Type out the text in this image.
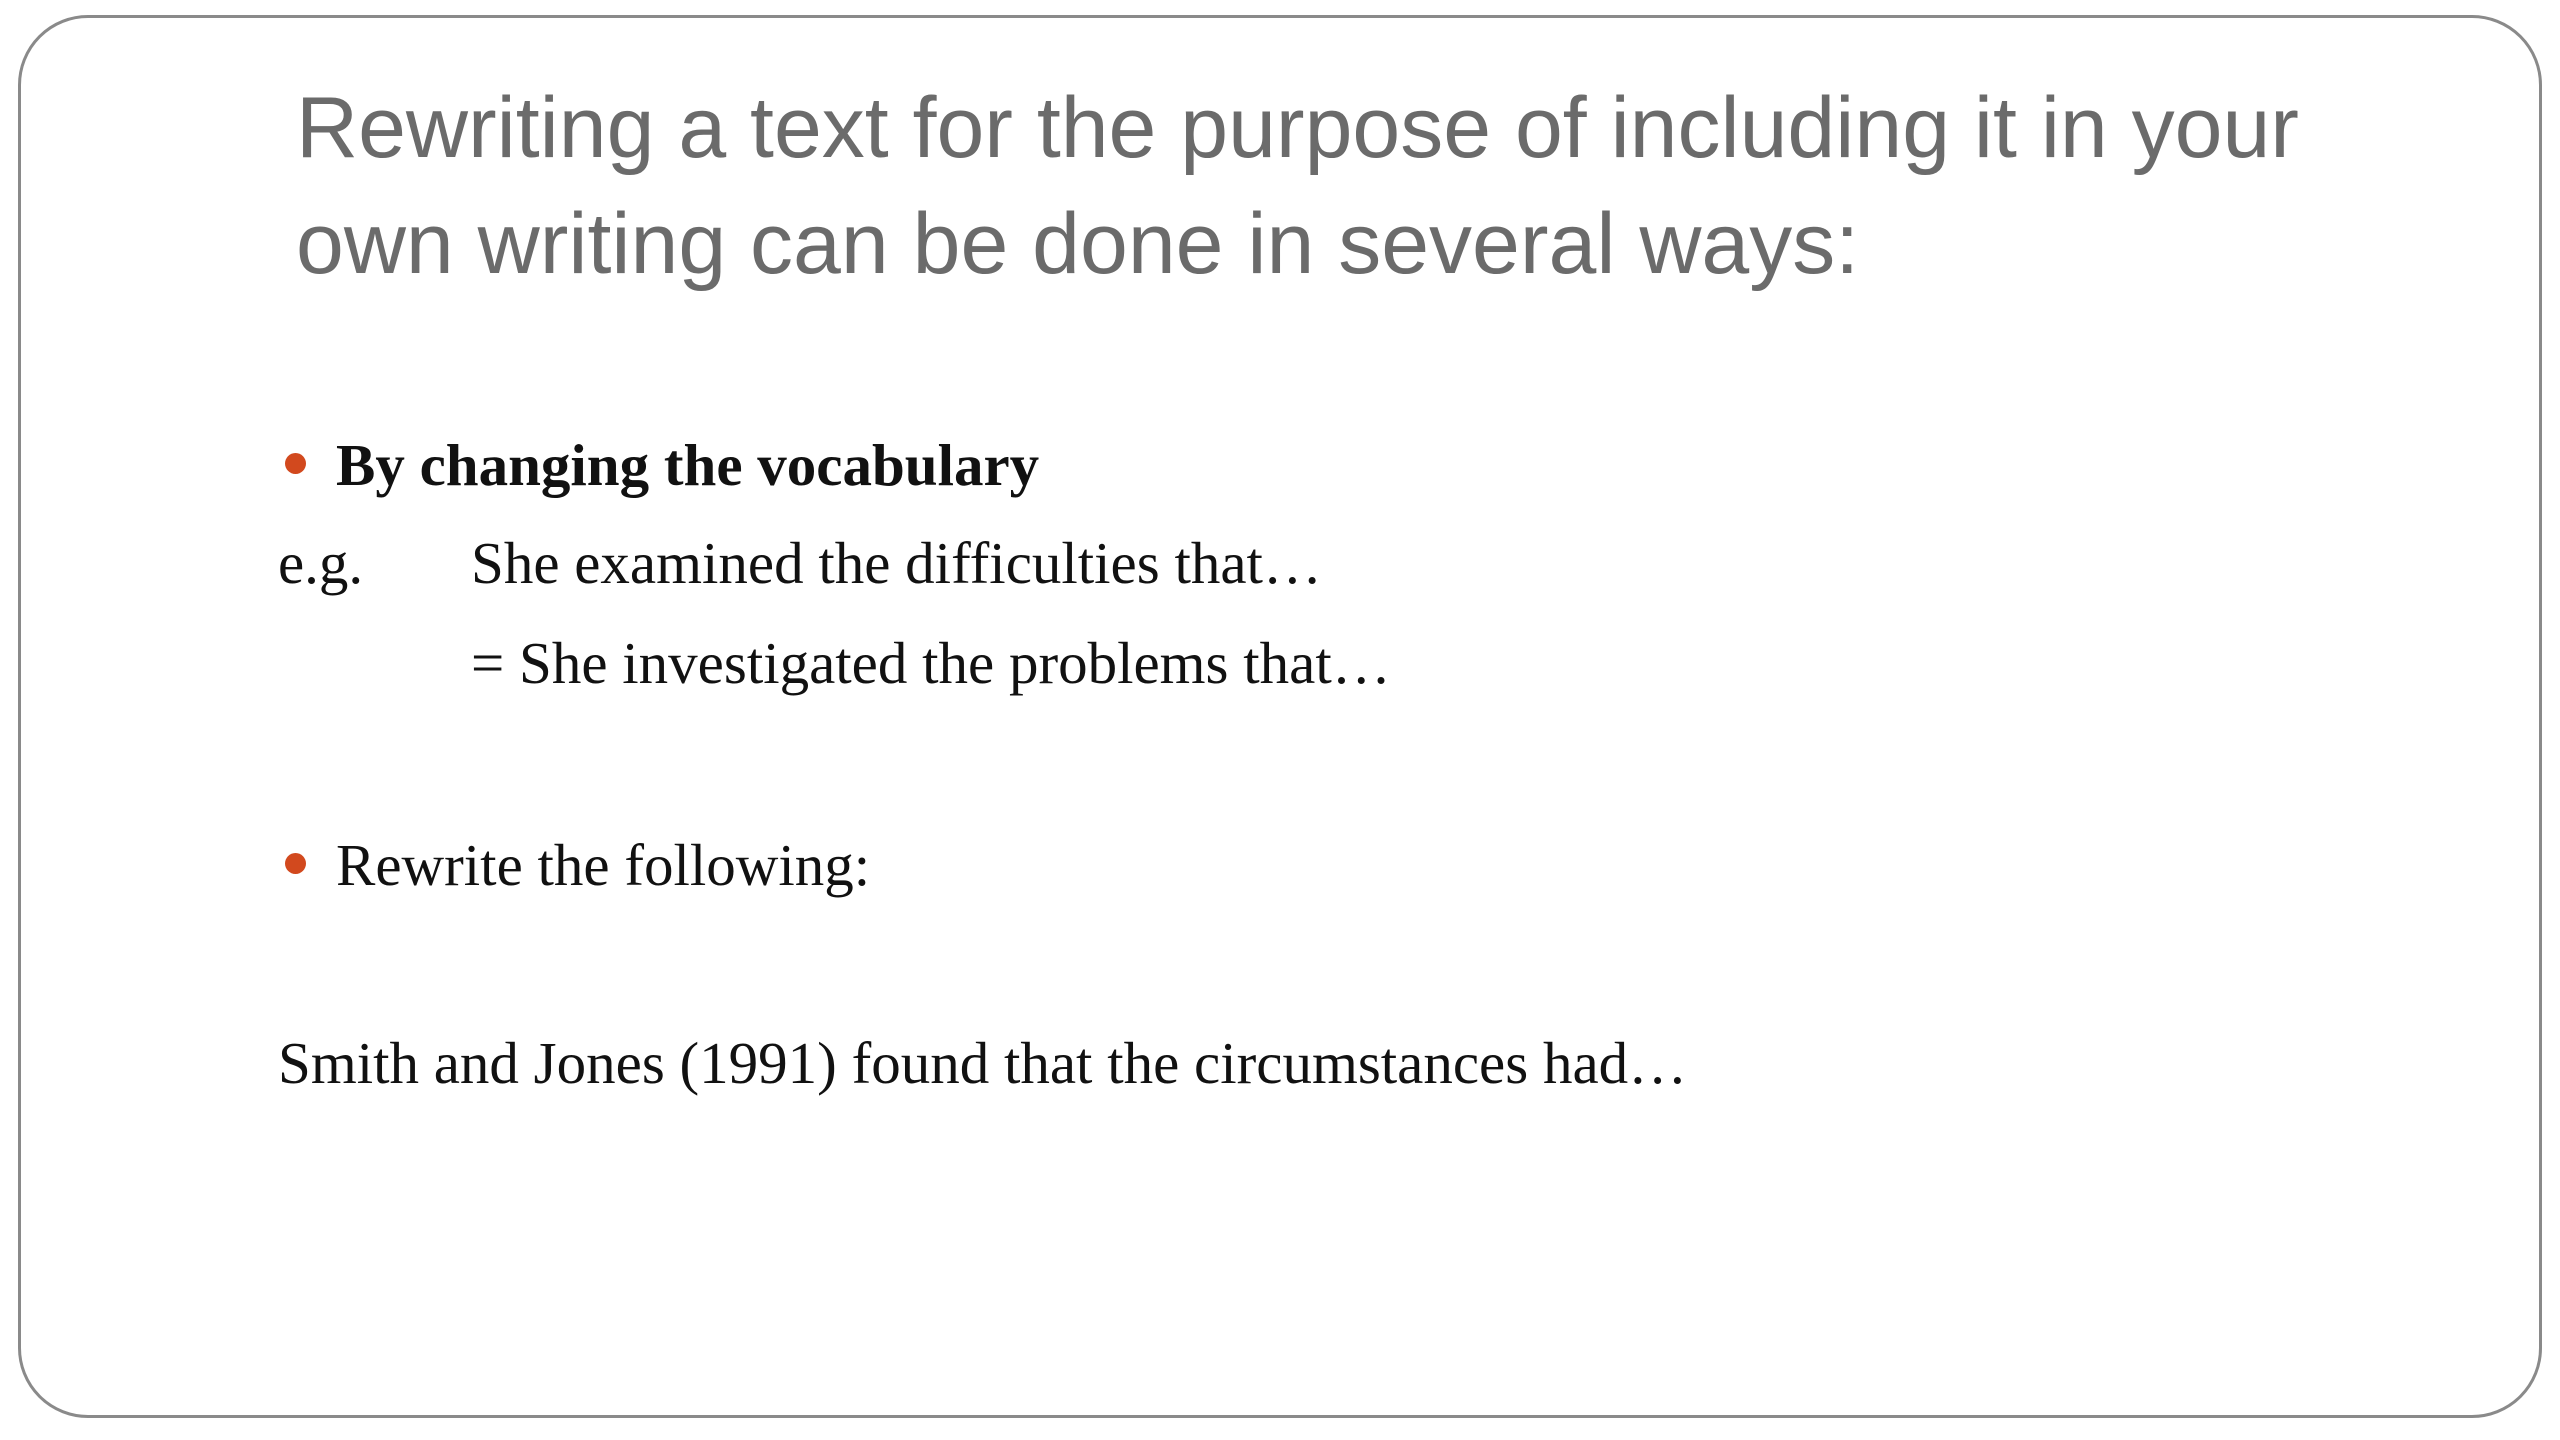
Rewriting a text for the purpose of including it in your own writing can be done in several ways:
By changing the vocabulary
e.g. She examined the difficulties that…
= She investigated the problems that…
Rewrite the following:
Smith and Jones (1991) found that the circumstances had…
